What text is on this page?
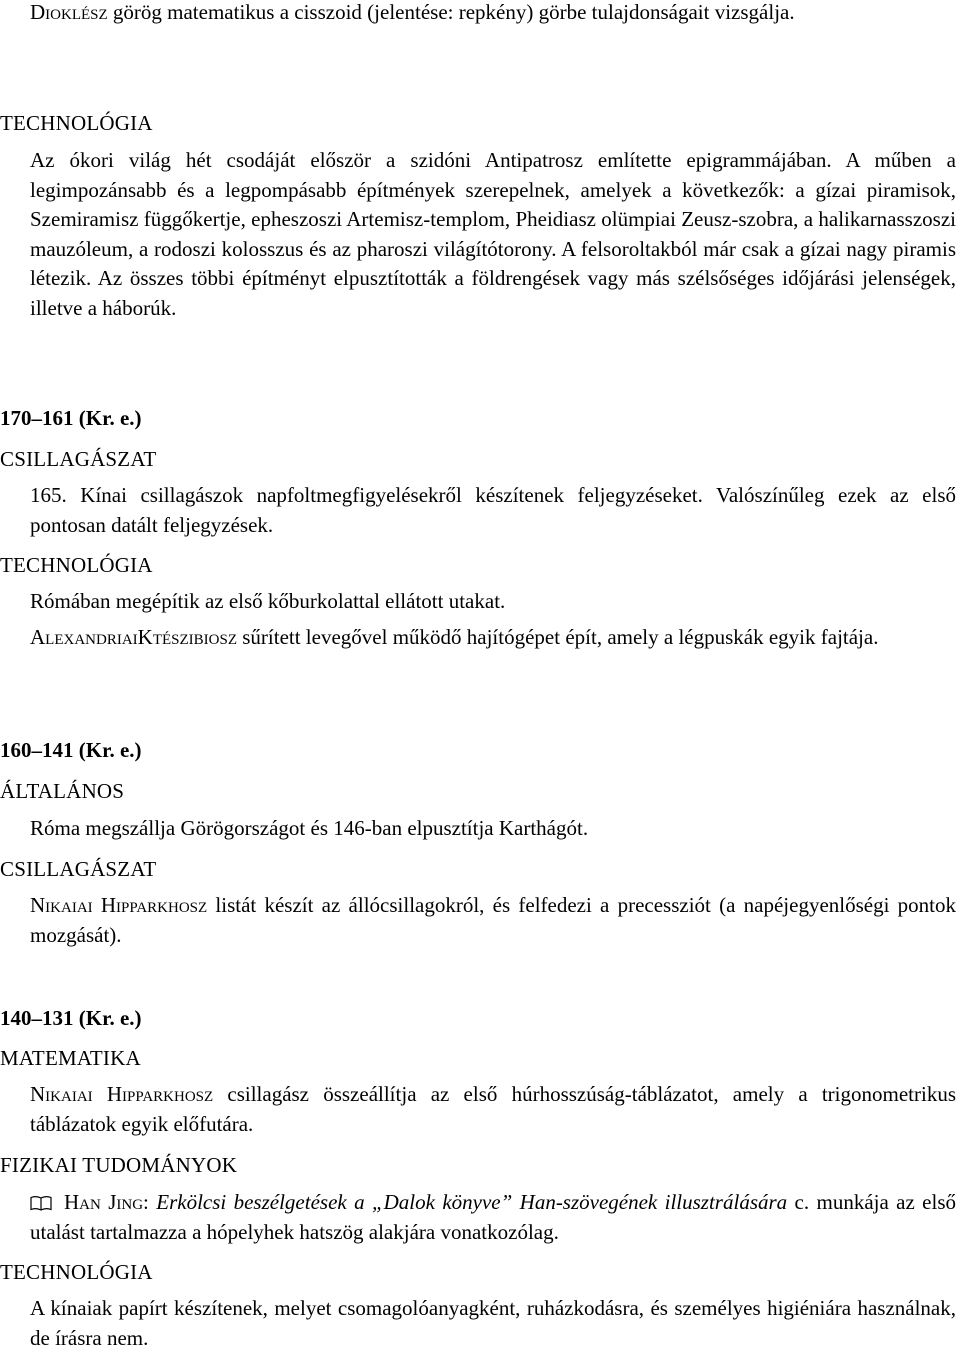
Dioklész görög matematikus a cisszoid (jelentése: repkény) görbe tulajdonságait vizsgálja.
TECHNOLÓGIA
Az ókori világ hét csodáját először a szidóni Antipatrosz említette epigrammájában. A műben a legimpozánsabb és a legpompásabb építmények szerepelnek, amelyek a következők: a gízai piramisok, Szemiramisz függőkertje, epheszoszi Artemisz-templom, Pheidiasz olümpiai Zeusz-szobra, a halikarnasszoszi mauzóleum, a rodoszi kolosszus és az pharoszi világítótorony. A felsoroltakból már csak a gízai nagy piramis létezik. Az összes többi építményt elpusztították a földrengések vagy más szélsőséges időjárási jelenségek, illetve a háborúk.
170–161 (Kr. e.)
CSILLAGÁSZAT
165. Kínai csillagászok napfoltmegfigyelésekről készítenek feljegyzéseket. Valószínűleg ezek az első pontosan datált feljegyzések.
TECHNOLÓGIA
Rómában megépítik az első kőburkolattal ellátott utakat.
AlexandriaiKtészibiosz sűrített levegővel működő hajítógépet épít, amely a légpuskák egyik fajtája.
160–141 (Kr. e.)
ÁLTALÁNOS
Róma megszállja Görögországot és 146-ban elpusztítja Karthágót.
CSILLAGÁSZAT
Nikaiai Hipparkhosz listát készít az állócsillagokról, és felfedezi a precessziót (a napéjegyenlőségi pontok mozgását).
140–131 (Kr. e.)
MATEMATIKA
Nikaiai Hipparkhosz csillagász összeállítja az első húrhosszúság-táblázatot, amely a trigonometrikus táblázatok egyik előfutára.
FIZIKAI TUDOMÁNYOK
Han Jing: Erkölcsi beszélgetések a „Dalok könyve” Han-szövegének illusztrálására c. munkája az első utalást tartalmazza a hópelyhek hatszög alakjára vonatkozólag.
TECHNOLÓGIA
A kínaiak papírt készítenek, melyet csomagolóanyagként, ruházkodásra, és személyes higiéniára használnak, de írásra nem.
